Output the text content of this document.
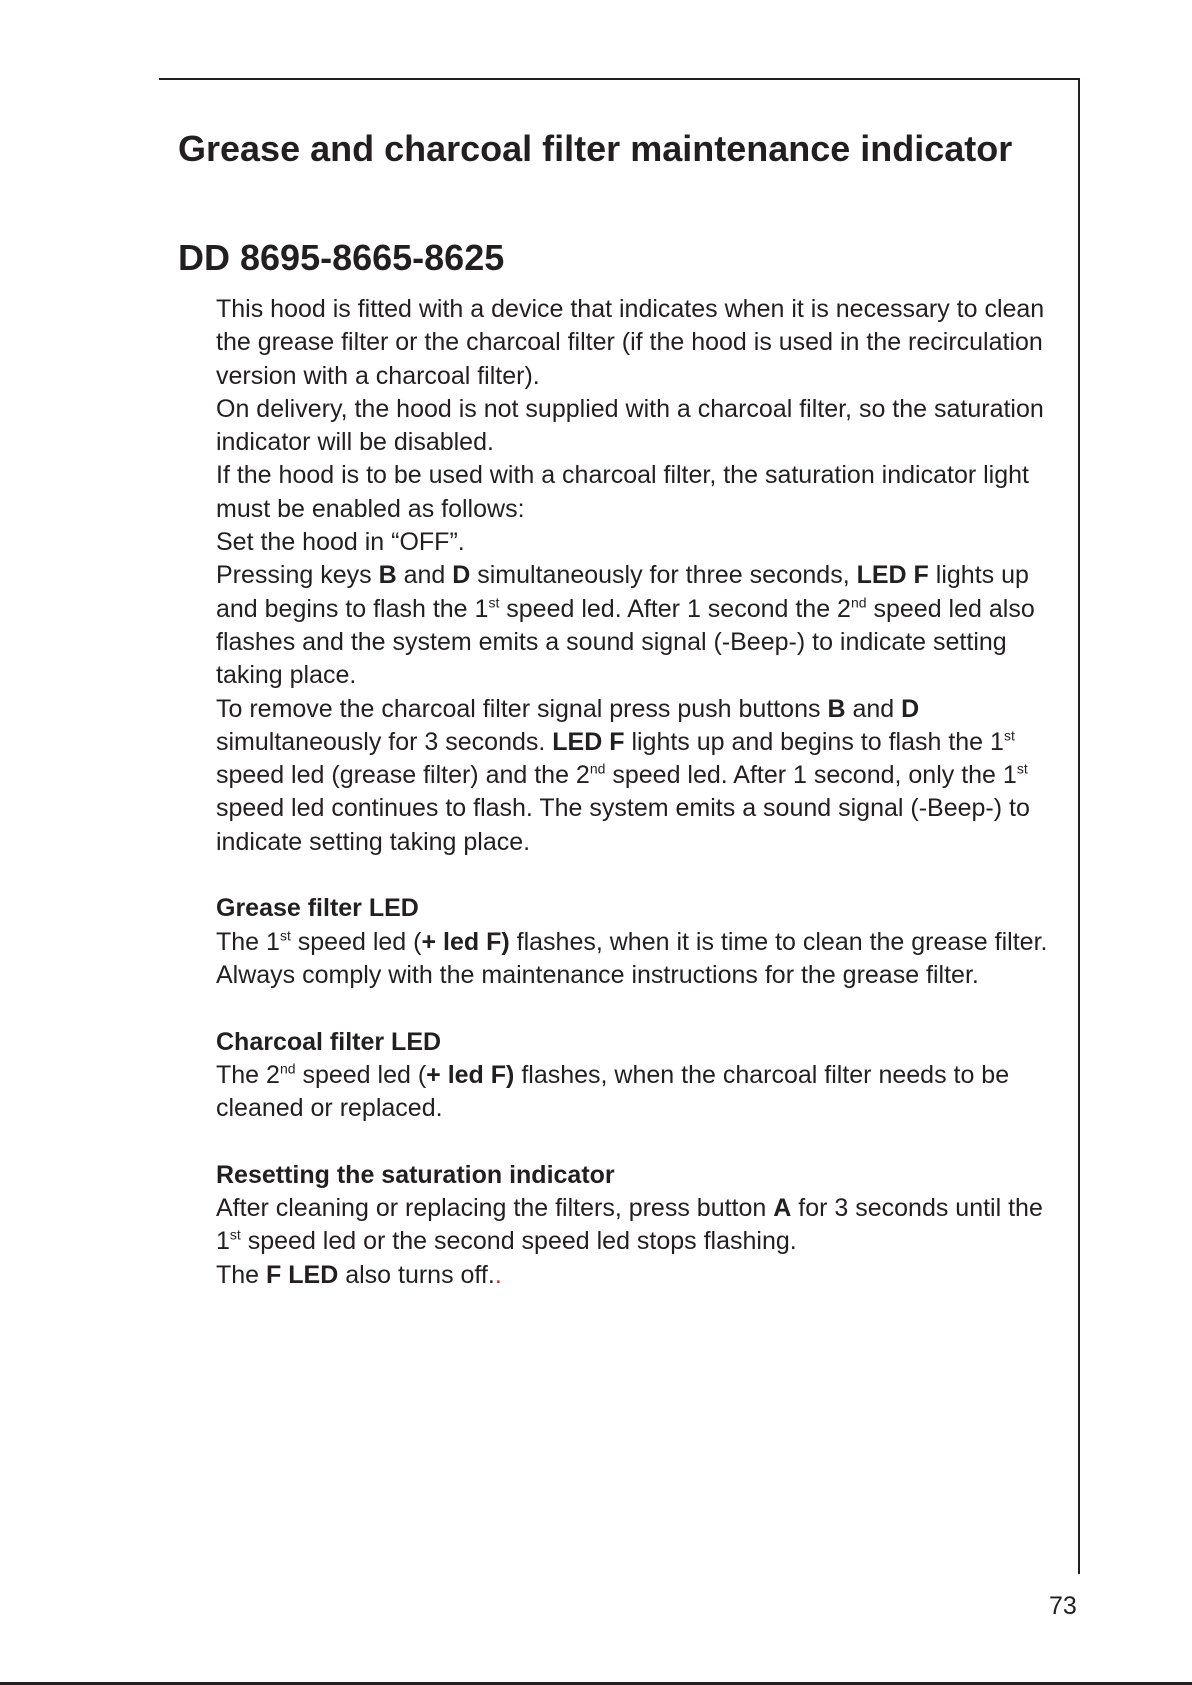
Grease and charcoal filter maintenance indicator
DD 8695-8665-8625

This hood is fitted with a device that indicates when it is necessary to clean the grease filter or the charcoal filter (if the hood is used in the recirculation version with a charcoal filter).

On delivery, the hood is not supplied with a charcoal filter, so the saturation indicator will be disabled.

If the hood is to be used with a charcoal filter, the saturation indicator light must be enabled as follows:

Set the hood in “OFF”.

Pressing keys B and D simultaneously for three seconds, LED F lights up and begins to flash the 1st speed led. After 1 second the 2nd speed led also flashes and the system emits a sound signal (-Beep-) to indicate setting taking place.

To remove the charcoal filter signal press push buttons B and D simultaneously for 3 seconds. LED F lights up and begins to flash the 1st speed led (grease filter) and the 2nd speed led. After 1 second, only the 1st speed led continues to flash. The system emits a sound signal (-Beep-) to indicate setting taking place.

Grease filter LED

The 1st speed led (+ led F) flashes, when it is time to clean the grease filter.

Always comply with the maintenance instructions for the grease filter.

Charcoal filter LED

The 2nd speed led (+ led F) flashes, when the charcoal filter needs to be cleaned or replaced.

Resetting the saturation indicator

After cleaning or replacing the filters, press button A for 3 seconds until the 1st speed led or the second speed led stops flashing.

The F LED also turns off..

73
